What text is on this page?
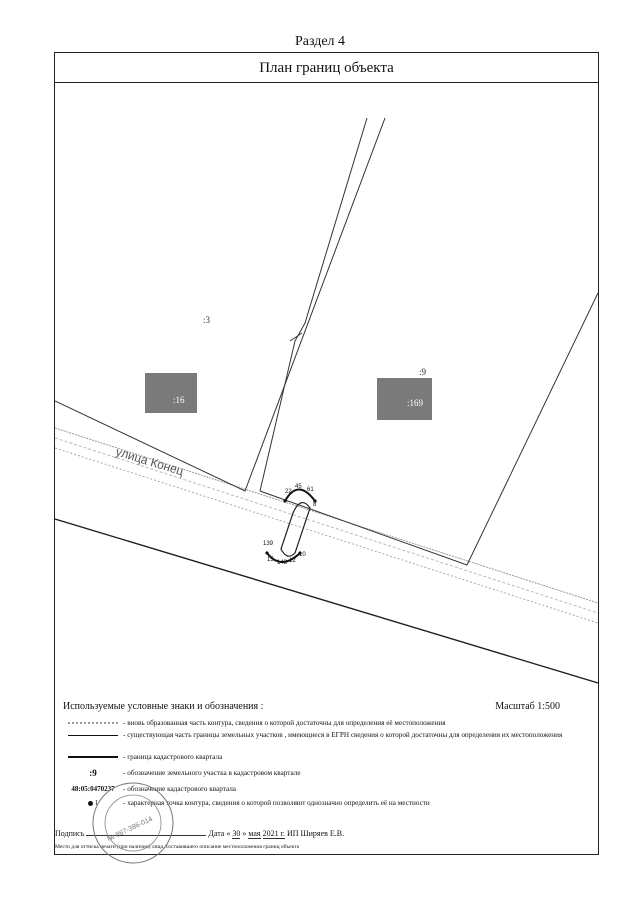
Раздел 4
План границ объекта
:3
:9
:16	:169
улица Конец
22
45 61
8
139
15 143 12
10
Используемые условные знаки и обозначения :	Масштаб 1:500
- вновь образованная часть контура, сведения о которой достаточны для определения её местоположения
- существующая часть границы земельных участков , имеющиеся в ЕГРН сведения о которой достаточны для определения их местоположения
- граница кадастрового квартала
:9	- обозначение земельного участка в кадастровом квартале
48:05:0470237 - обозначение кадастрового квартала
1	- характерная точка контура, сведения о которой позволяют однозначно определить её на местности
Подпись	Дата « 30 » мая 2021 г. ИП Ширяев Е.В.
Место для оттиска печати (при наличии) лица, составившего описание местоположения границ объекта
№ 867-386-014
